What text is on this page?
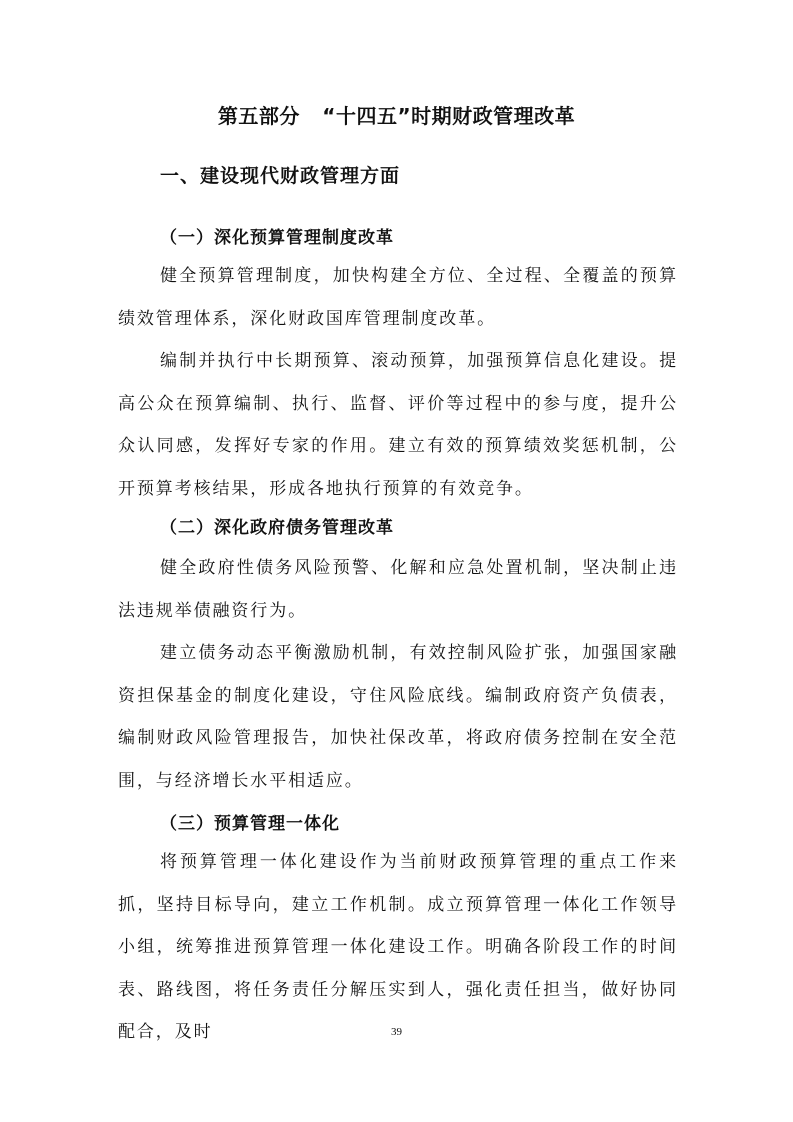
第五部分   “十四五”时期财政管理改革
一、建设现代财政管理方面
（一）深化预算管理制度改革
健全预算管理制度，加快构建全方位、全过程、全覆盖的预算绩效管理体系，深化财政国库管理制度改革。
编制并执行中长期预算、滚动预算，加强预算信息化建设。提高公众在预算编制、执行、监督、评价等过程中的参与度，提升公众认同感，发挥好专家的作用。建立有效的预算绩效奖惩机制，公开预算考核结果，形成各地执行预算的有效竞争。
（二）深化政府债务管理改革
健全政府性债务风险预警、化解和应急处置机制，坚决制止违法违规举债融资行为。
建立债务动态平衡激励机制，有效控制风险扩张，加强国家融资担保基金的制度化建设，守住风险底线。编制政府资产负债表，编制财政风险管理报告，加快社保改革，将政府债务控制在安全范围，与经济增长水平相适应。
（三）预算管理一体化
将预算管理一体化建设作为当前财政预算管理的重点工作来抓，坚持目标导向，建立工作机制。成立预算管理一体化工作领导小组，统筹推进预算管理一体化建设工作。明确各阶段工作的时间表、路线图，将任务责任分解压实到人，强化责任担当，做好协同配合，及时	39
